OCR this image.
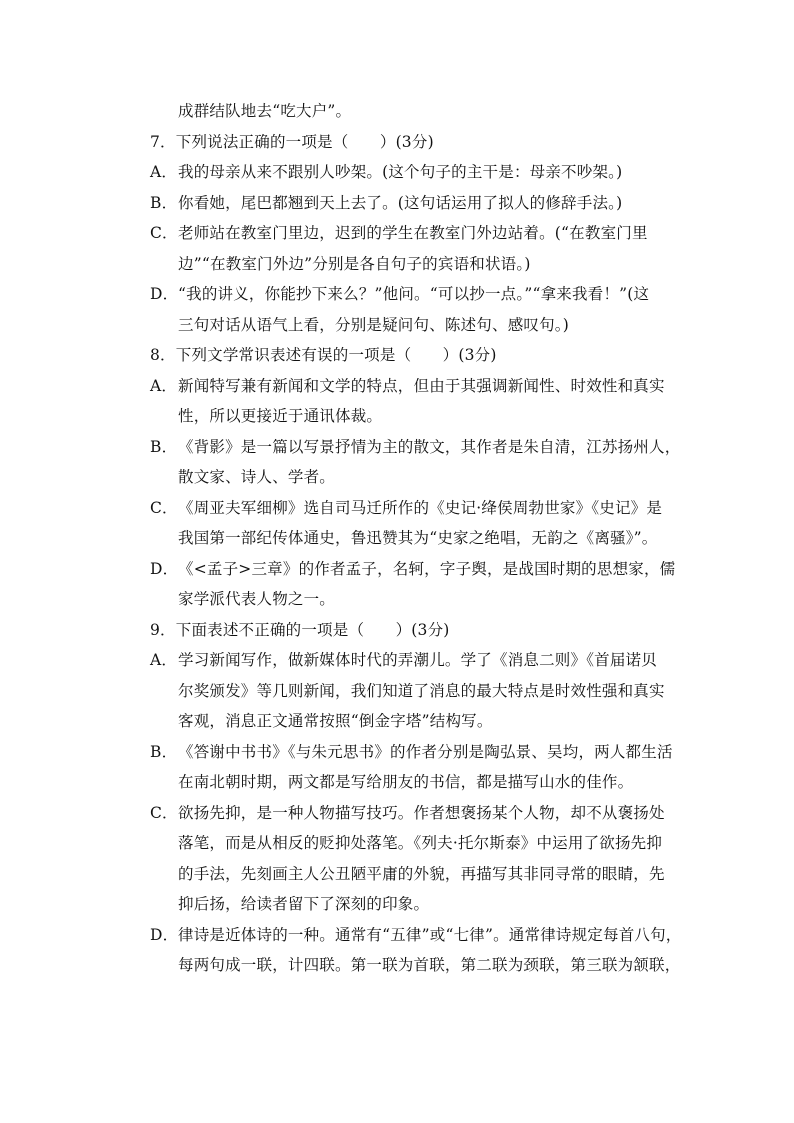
成群结队地去“吃大户”。
7．下列说法正确的一项是（　　）(3分)
A． 我的母亲从来不跟别人吵架。(这个句子的主干是：母亲不吵架。)
B． 你看她，尾巴都翘到天上去了。(这句话运用了拟人的修辞手法。)
C． 老师站在教室门里边，迟到的学生在教室门外边站着。(“在教室门里
边”“在教室门外边”分别是各自句子的宾语和状语。)
D． “我的讲义，你能抄下来么？”他问。“可以抄一点。”“拿来我看！”(这
三句对话从语气上看，分别是疑问句、陈述句、感叹句。)
8．下列文学常识表述有误的一项是（　　）(3分)
A． 新闻特写兼有新闻和文学的特点，但由于其强调新闻性、时效性和真实
性，所以更接近于通讯体裁。
B． 《背影》是一篇以写景抒情为主的散文，其作者是朱自清，江苏扬州人，
散文家、诗人、学者。
C． 《周亚夫军细柳》选自司马迁所作的《史记·绛侯周勃世家》《史记》是
我国第一部纪传体通史，鲁迅赞其为“史家之绝唱，无韵之《离骚》”。
D． 《<孟子>三章》的作者孟子，名轲，字子舆，是战国时期的思想家，儒
家学派代表人物之一。
9．下面表述不正确的一项是（　　）(3分)
A． 学习新闻写作，做新媒体时代的弄潮儿。学了《消息二则》《首届诺贝
尔奖颁发》等几则新闻，我们知道了消息的最大特点是时效性强和真实
客观，消息正文通常按照“倒金字塔”结构写。
B． 《答谢中书书》《与朱元思书》的作者分别是陶弘景、吴均，两人都生活
在南北朝时期，两文都是写给朋友的书信，都是描写山水的佳作。
C． 欲扬先抑，是一种人物描写技巧。作者想褒扬某个人物，却不从褒扬处
落笔，而是从相反的贬抑处落笔。《列夫·托尔斯泰》中运用了欲扬先抑
的手法，先刻画主人公丑陋平庸的外貌，再描写其非同寻常的眼睛，先
抑后扬，给读者留下了深刻的印象。
D． 律诗是近体诗的一种。通常有“五律”或“七律”。通常律诗规定每首八句，
每两句成一联，计四联。第一联为首联，第二联为颈联，第三联为颔联，
